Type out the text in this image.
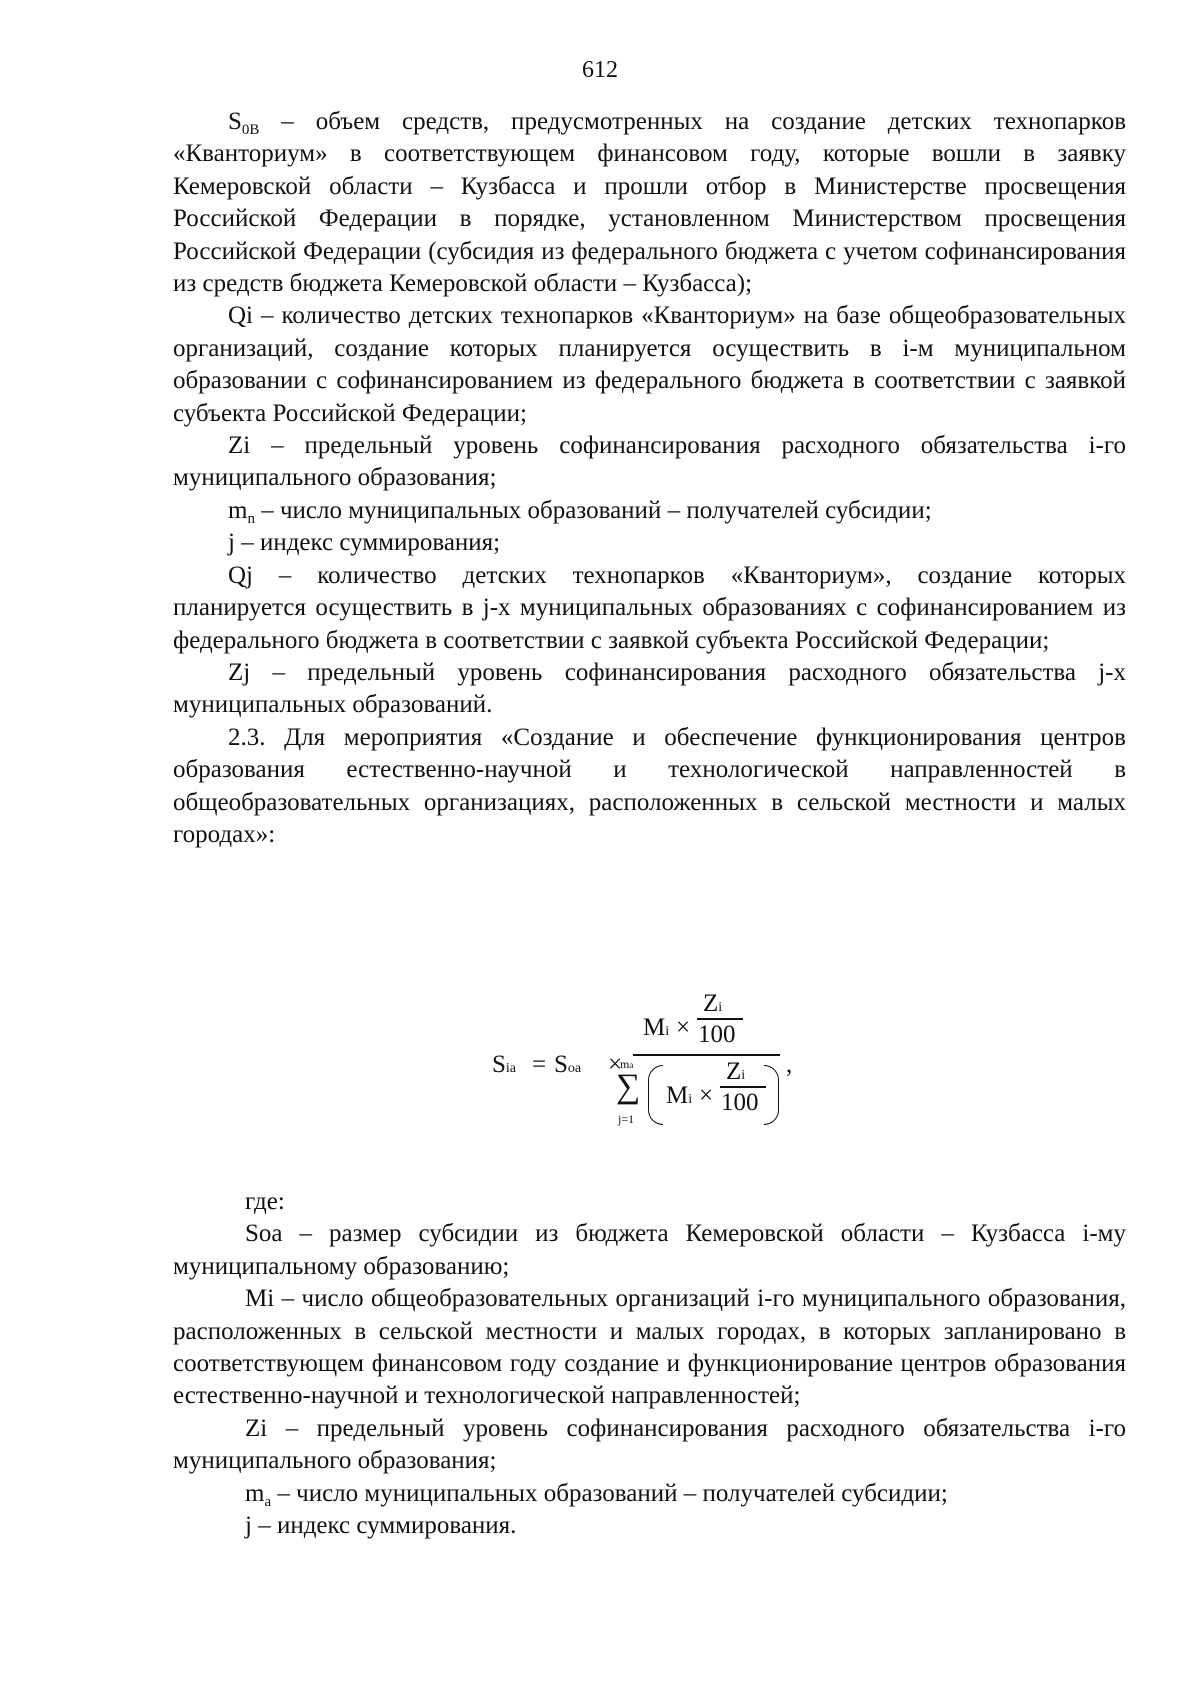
612

$S_{0В}$ – объем средств, предусмотренных на создание детских технопарков «Кванториум» в соответствующем финансовом году, которые вошли в заявку Кемеровской области – Кузбасса и прошли отбор в Министерстве просвещения Российской Федерации в порядке, установленном Министерством просвещения Российской Федерации (субсидия из федерального бюджета с учетом софинансирования из средств бюджета Кемеровской области – Кузбасса);

Qi – количество детских технопарков «Кванториум» на базе общеобразовательных организаций, создание которых планируется осуществить в i-м муниципальном образовании с софинансированием из федерального бюджета в соответствии с заявкой субъекта Российской Федерации;

Zi – предельный уровень софинансирования расходного обязательства i-го муниципального образования;

$m_n$ – число муниципальных образований – получателей субсидии;

j – индекс суммирования;

Qj – количество детских технопарков «Кванториум», создание которых планируется осуществить в j-х муниципальных образованиях с софинансированием из федерального бюджета в соответствии с заявкой субъекта Российской Федерации;

Zj – предельный уровень софинансирования расходного обязательства j-х муниципальных образований.

2.3. Для мероприятия «Создание и обеспечение функционирования центров образования естественно-научной и технологической направленностей в общеобразовательных организациях, расположенных в сельской местности и малых городах»:

Sia = Soa ×
Mi ×
Zi
100
ma
∑
j=1
Mi ×
Zi
100
,

где:

Soa – размер субсидии из бюджета Кемеровской области – Кузбасса i-му муниципальному образованию;

Mi – число общеобразовательных организаций i-го муниципального образования, расположенных в сельской местности и малых городах, в которых запланировано в соответствующем финансовом году создание и функционирование центров образования естественно-научной и технологической направленностей;

Zi – предельный уровень софинансирования расходного обязательства i-го муниципального образования;

$m_a$ – число муниципальных образований – получателей субсидии;

j – индекс суммирования.
